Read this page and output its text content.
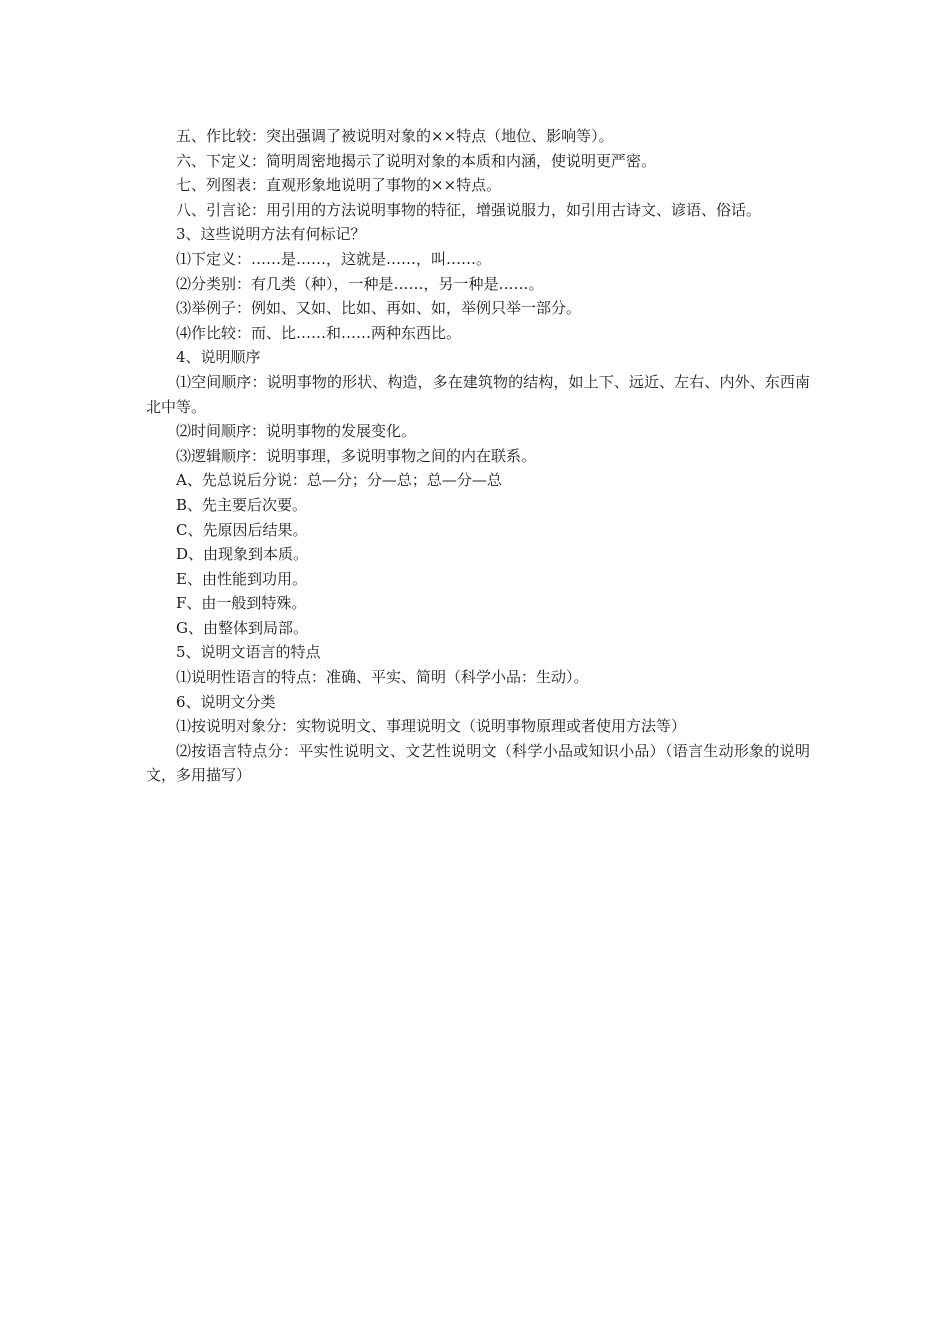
五、作比较：突出强调了被说明对象的××特点（地位、影响等）。
六、下定义：简明周密地揭示了说明对象的本质和内涵，使说明更严密。
七、列图表：直观形象地说明了事物的××特点。
八、引言论：用引用的方法说明事物的特征，增强说服力，如引用古诗文、谚语、俗话。
3、这些说明方法有何标记？
⑴下定义：……是……，这就是……，叫……。
⑵分类别：有几类（种），一种是……，另一种是……。
⑶举例子：例如、又如、比如、再如、如，举例只举一部分。
⑷作比较：而、比……和……两种东西比。
4、说明顺序
⑴空间顺序：说明事物的形状、构造，多在建筑物的结构，如上下、远近、左右、内外、东西南北中等。
⑵时间顺序：说明事物的发展变化。
⑶逻辑顺序：说明事理，多说明事物之间的内在联系。
A、先总说后分说：总—分；分—总；总—分—总
B、先主要后次要。
C、先原因后结果。
D、由现象到本质。
E、由性能到功用。
F、由一般到特殊。
G、由整体到局部。
5、说明文语言的特点
⑴说明性语言的特点：准确、平实、简明（科学小品：生动）。
6、说明文分类
⑴按说明对象分：实物说明文、事理说明文（说明事物原理或者使用方法等）
⑵按语言特点分：平实性说明文、文艺性说明文（科学小品或知识小品）（语言生动形象的说明文，多用描写）
